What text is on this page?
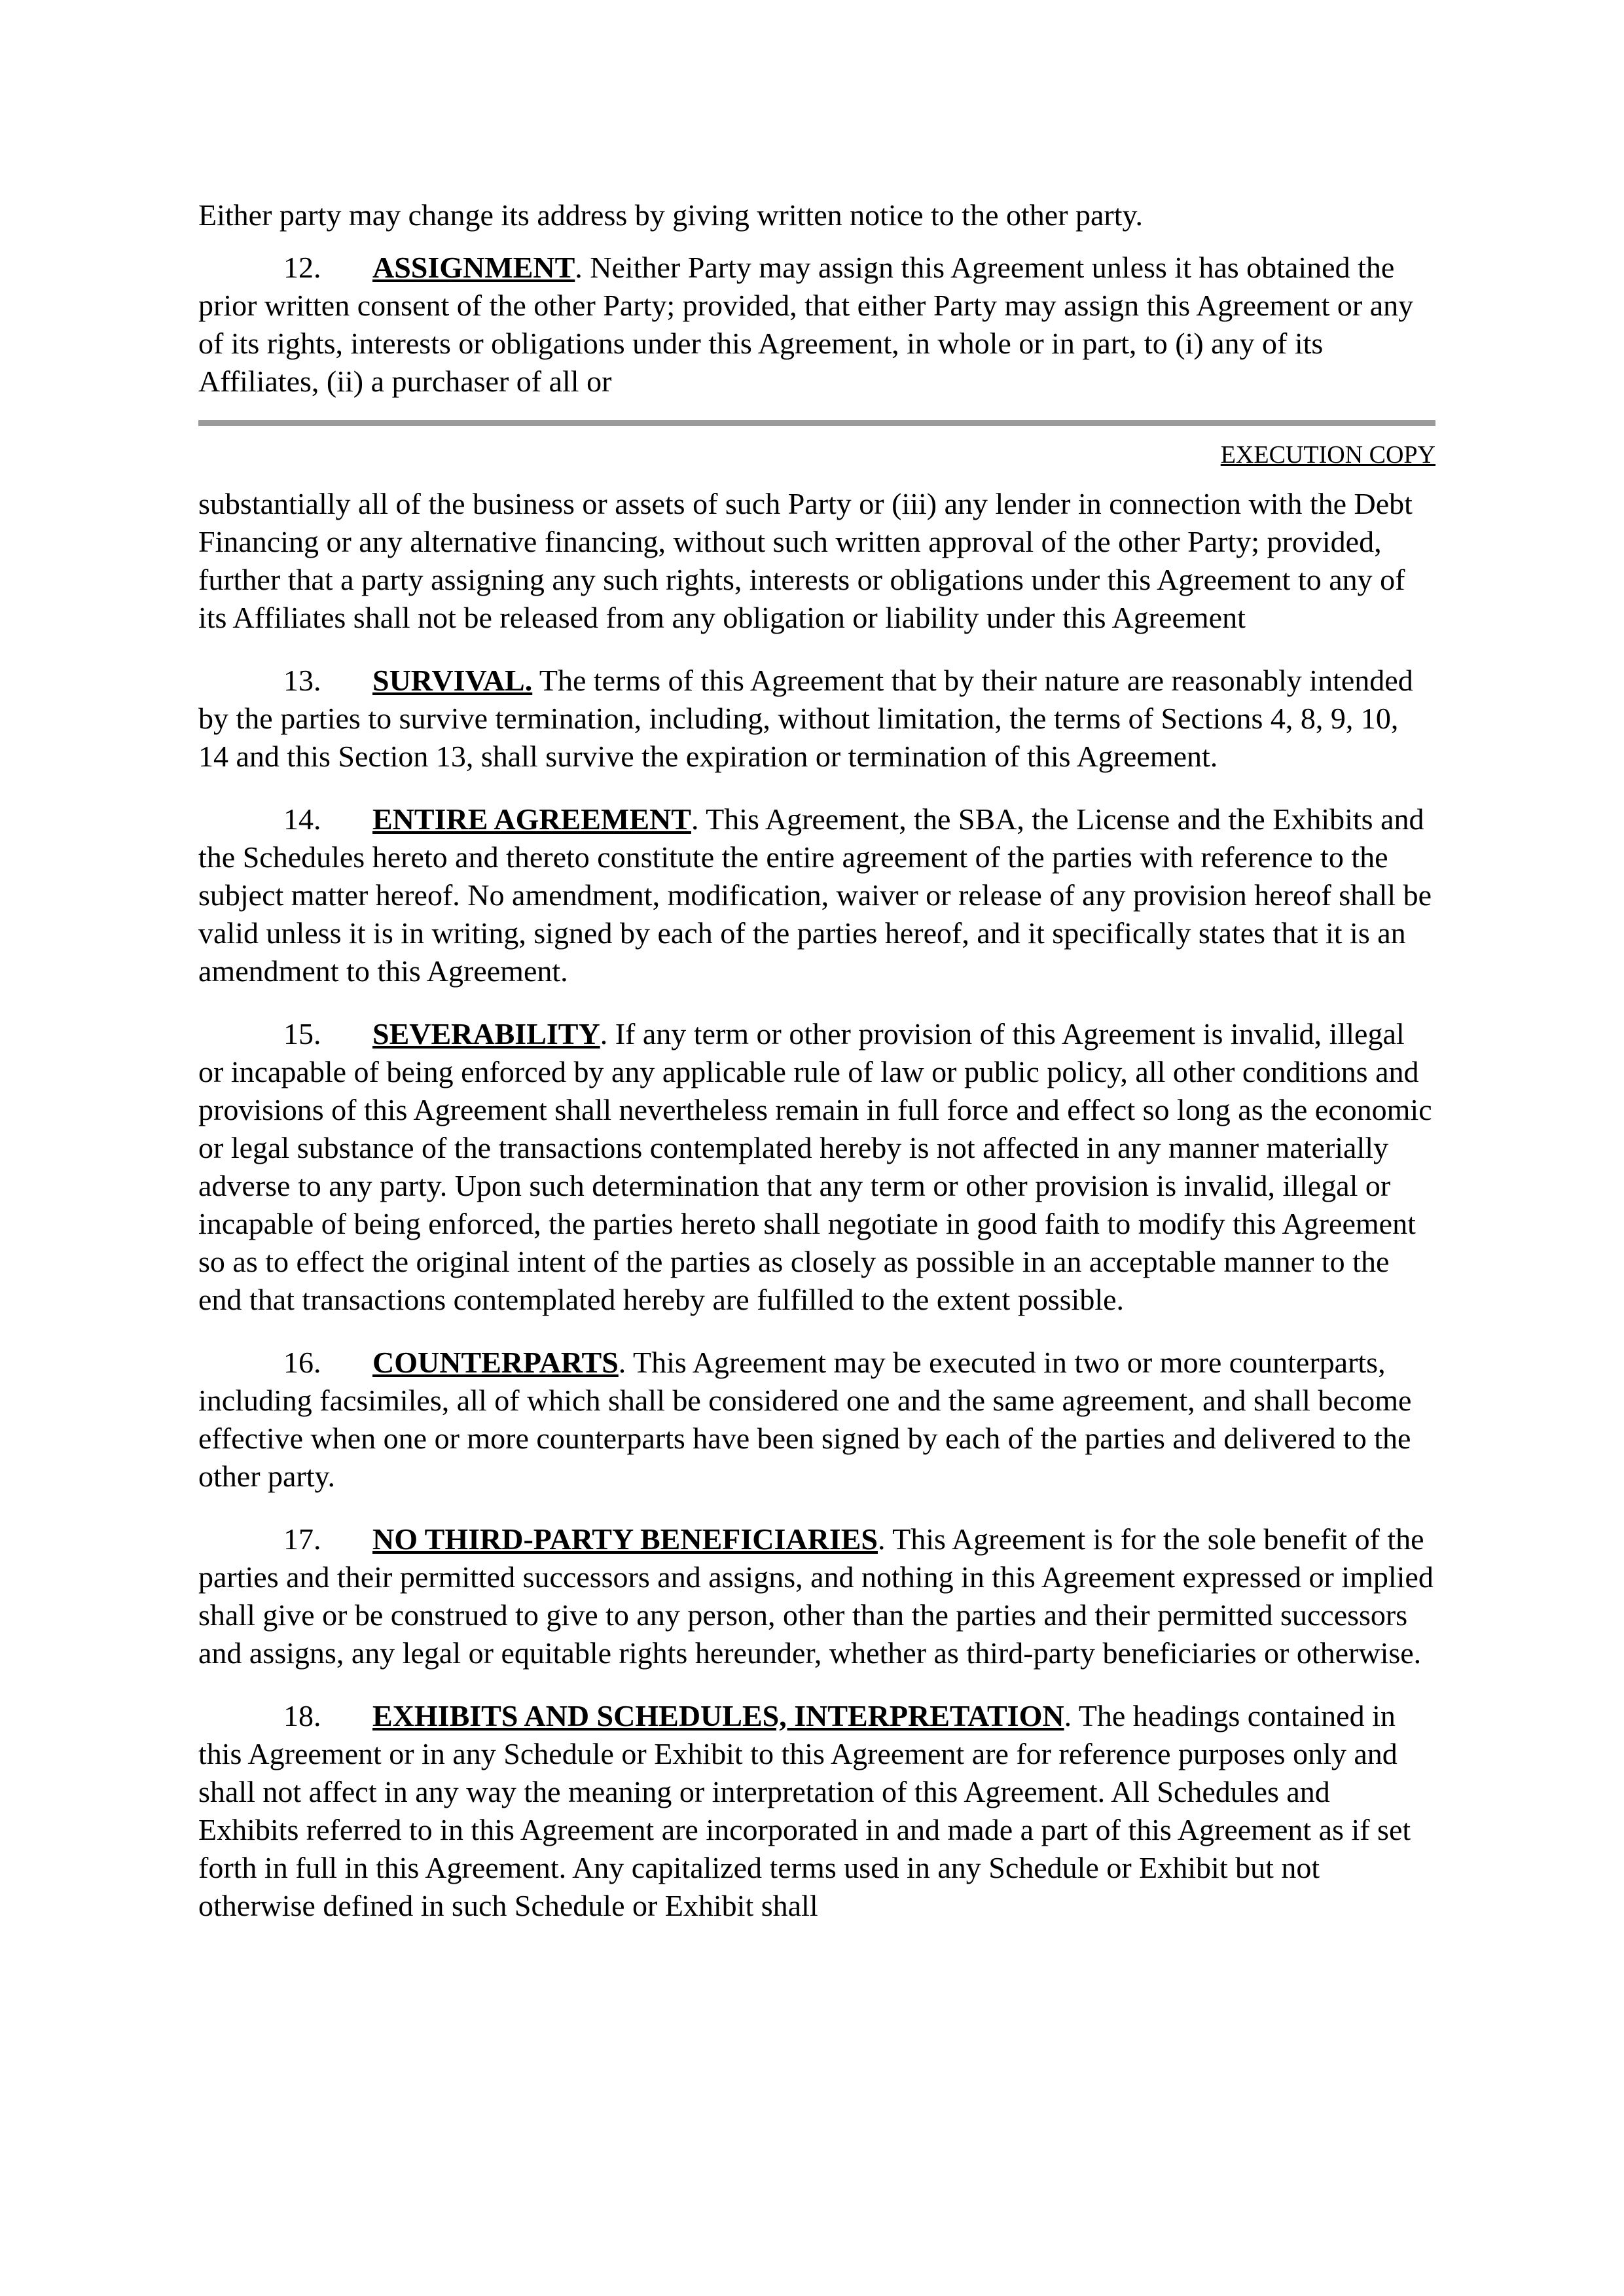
Either party may change its address by giving written notice to the other party.

12. ASSIGNMENT. Neither Party may assign this Agreement unless it has obtained the prior written consent of the other Party; provided, that either Party may assign this Agreement or any of its rights, interests or obligations under this Agreement, in whole or in part, to (i) any of its Affiliates, (ii) a purchaser of all or

EXECUTION COPY

substantially all of the business or assets of such Party or (iii) any lender in connection with the Debt Financing or any alternative financing, without such written approval of the other Party; provided, further that a party assigning any such rights, interests or obligations under this Agreement to any of its Affiliates shall not be released from any obligation or liability under this Agreement

13. SURVIVAL. The terms of this Agreement that by their nature are reasonably intended by the parties to survive termination, including, without limitation, the terms of Sections 4, 8, 9, 10, 14 and this Section 13, shall survive the expiration or termination of this Agreement.

14. ENTIRE AGREEMENT. This Agreement, the SBA, the License and the Exhibits and the Schedules hereto and thereto constitute the entire agreement of the parties with reference to the subject matter hereof. No amendment, modification, waiver or release of any provision hereof shall be valid unless it is in writing, signed by each of the parties hereof, and it specifically states that it is an amendment to this Agreement.

15. SEVERABILITY. If any term or other provision of this Agreement is invalid, illegal or incapable of being enforced by any applicable rule of law or public policy, all other conditions and provisions of this Agreement shall nevertheless remain in full force and effect so long as the economic or legal substance of the transactions contemplated hereby is not affected in any manner materially adverse to any party. Upon such determination that any term or other provision is invalid, illegal or incapable of being enforced, the parties hereto shall negotiate in good faith to modify this Agreement so as to effect the original intent of the parties as closely as possible in an acceptable manner to the end that transactions contemplated hereby are fulfilled to the extent possible.

16. COUNTERPARTS. This Agreement may be executed in two or more counterparts, including facsimiles, all of which shall be considered one and the same agreement, and shall become effective when one or more counterparts have been signed by each of the parties and delivered to the other party.

17. NO THIRD-PARTY BENEFICIARIES. This Agreement is for the sole benefit of the parties and their permitted successors and assigns, and nothing in this Agreement expressed or implied shall give or be construed to give to any person, other than the parties and their permitted successors and assigns, any legal or equitable rights hereunder, whether as third-party beneficiaries or otherwise.

18. EXHIBITS AND SCHEDULES, INTERPRETATION. The headings contained in this Agreement or in any Schedule or Exhibit to this Agreement are for reference purposes only and shall not affect in any way the meaning or interpretation of this Agreement. All Schedules and Exhibits referred to in this Agreement are incorporated in and made a part of this Agreement as if set forth in full in this Agreement. Any capitalized terms used in any Schedule or Exhibit but not otherwise defined in such Schedule or Exhibit shall
